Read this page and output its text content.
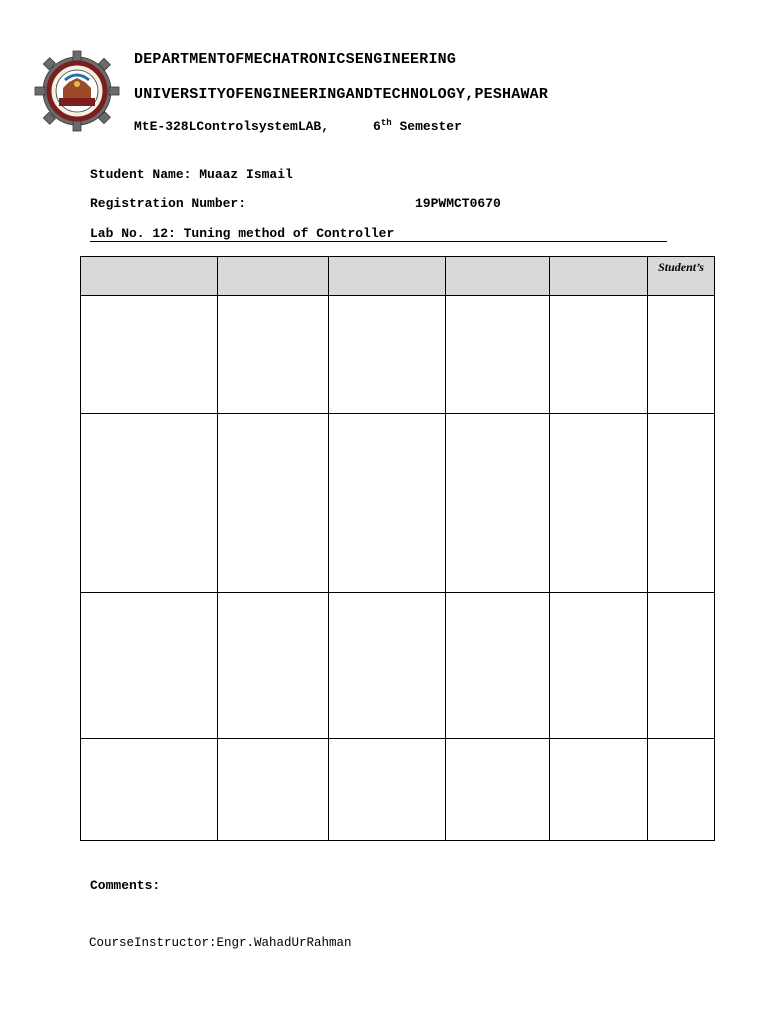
DEPARTMENTOFMECHATRONICSENGINEERING
UNIVERSITYOFENGINEERINGANDTECHNOLOGY,PESHAWAR
MtE-328LControlsystemLAB,	6th Semester
Student Name: Muaaz Ismail
Registration Number:	19PWMCT0670
Lab No. 12: Tuning method of Controller

					Student’s

Comments:
CourseInstructor:Engr.WahadUrRahman
